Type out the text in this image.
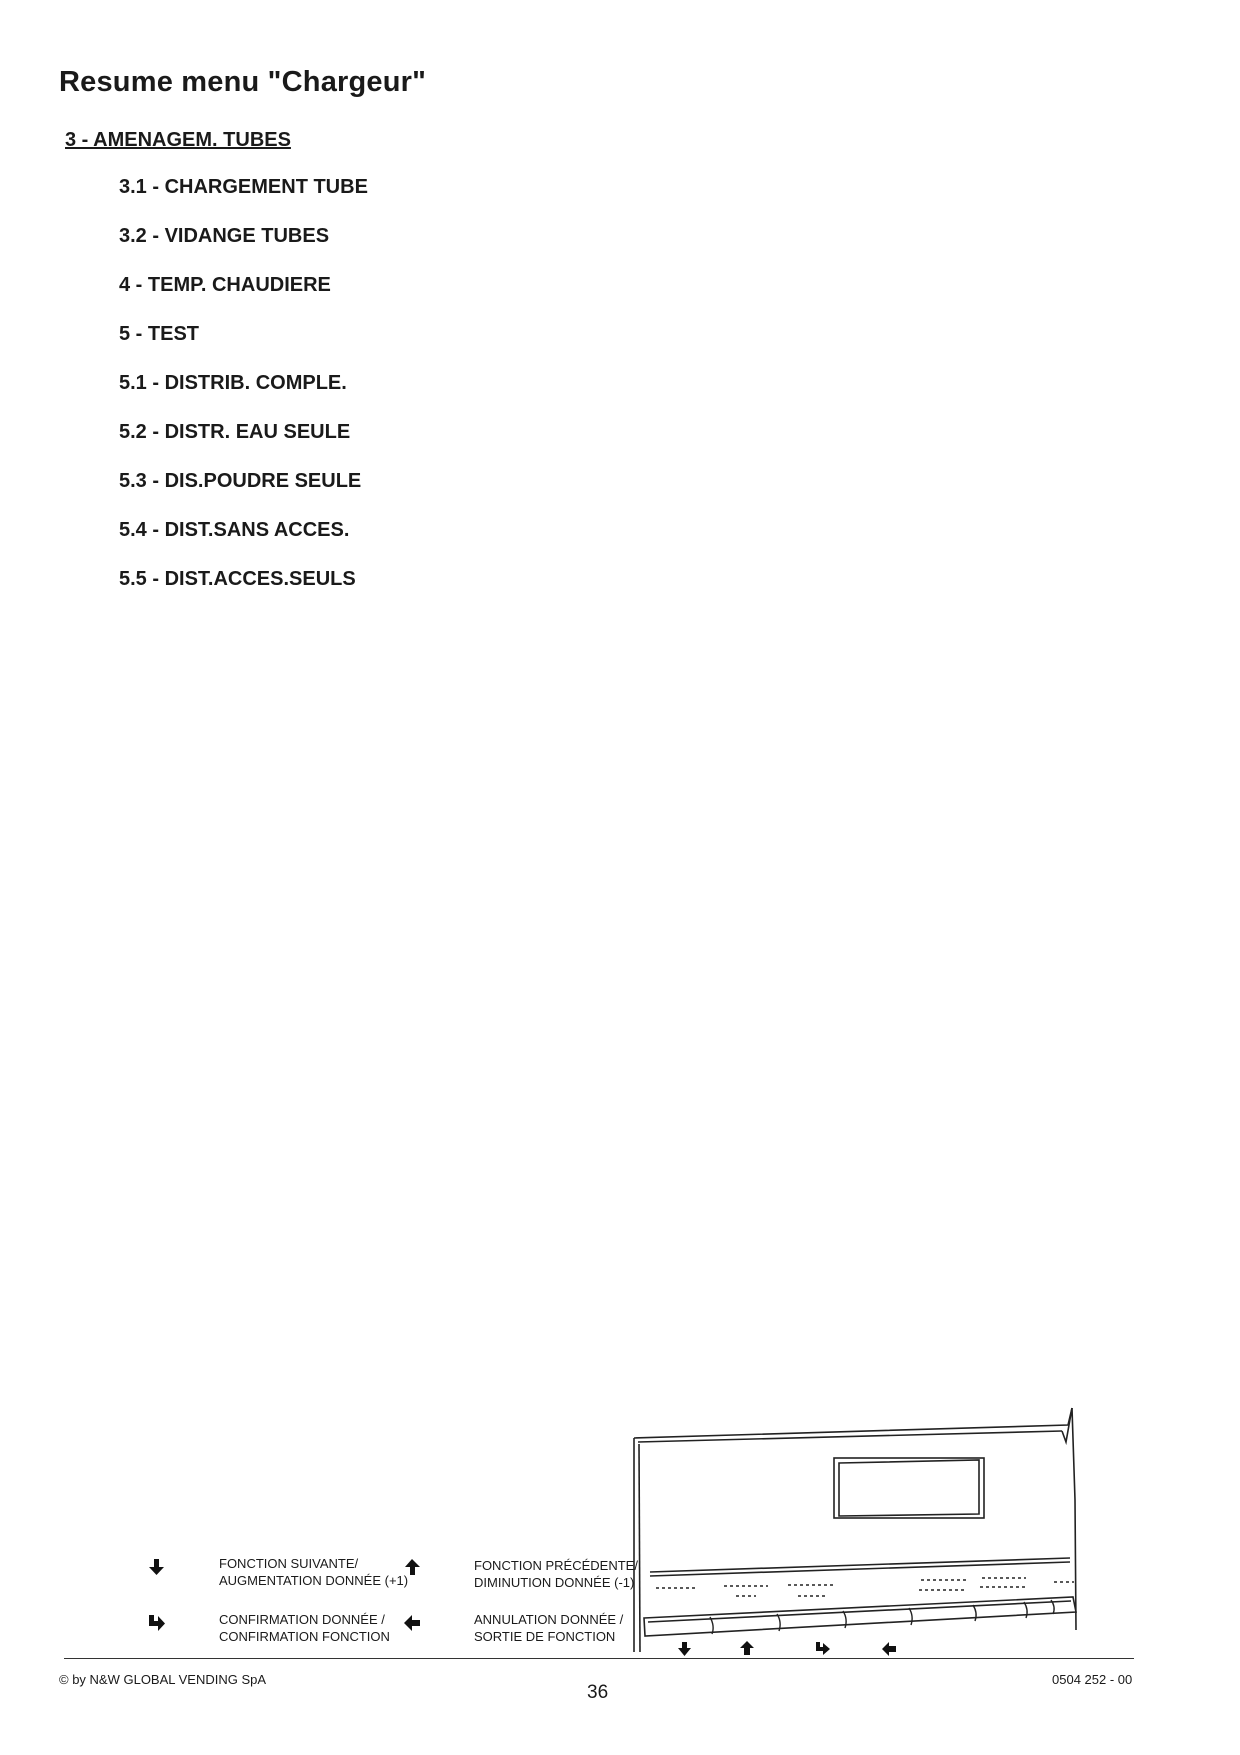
Resume menu "Chargeur"
3 - AMENAGEM. TUBES
3.1 - CHARGEMENT TUBE
3.2 - VIDANGE TUBES
4 - TEMP. CHAUDIERE
5 - TEST
5.1 - DISTRIB. COMPLE.
5.2 - DISTR. EAU SEULE
5.3 - DIS.POUDRE SEULE
5.4 - DIST.SANS ACCES.
5.5 - DIST.ACCES.SEULS
FONCTION SUIVANTE/
AUGMENTATION DONNÉE (+1)
FONCTION PRÉCÉDENTE/
DIMINUTION DONNÉE (-1)
CONFIRMATION DONNÉE /
CONFIRMATION FONCTION
ANNULATION DONNÉE /
SORTIE DE FONCTION
© by N&W GLOBAL VENDING SpA
36
0504 252 - 00
